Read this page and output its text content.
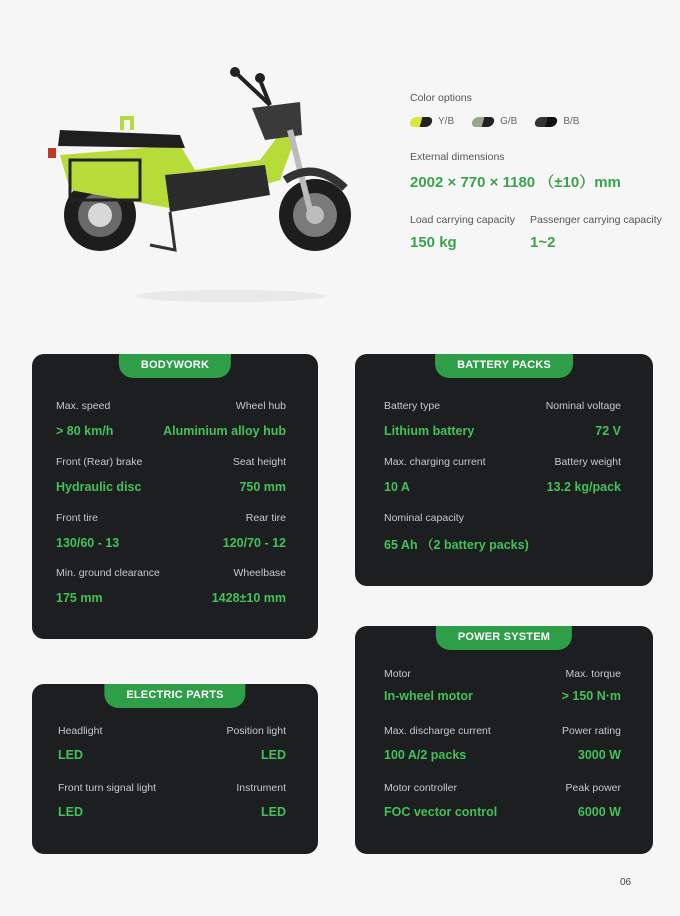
Color options
Y/B	G/B	B/B
External dimensions
2002 × 770 × 1180 （±10）mm
Load carrying capacity
150 kg
Passenger carrying capacity
1~2
BODYWORK
Max. speed	Wheel hub
> 80 km/h	Aluminium alloy hub
Front (Rear) brake	Seat height
Hydraulic disc	750 mm
Front tire	Rear tire
130/60 - 13	120/70 - 12
Min. ground clearance	Wheelbase
175 mm	1428±10 mm
BATTERY PACKS
Battery type	Nominal voltage
Lithium battery	72 V
Max. charging current	Battery weight
10 A	13.2 kg/pack
Nominal capacity
65 Ah （2 battery packs)
POWER SYSTEM
Motor	Max. torque
In-wheel motor	> 150 N·m
Max. discharge current	Power rating
100 A/2 packs	3000 W
Motor controller	Peak power
FOC vector control	6000 W
ELECTRIC PARTS
Headlight	Position light
LED	LED
Front turn signal light	Instrument
LED	LED
06
